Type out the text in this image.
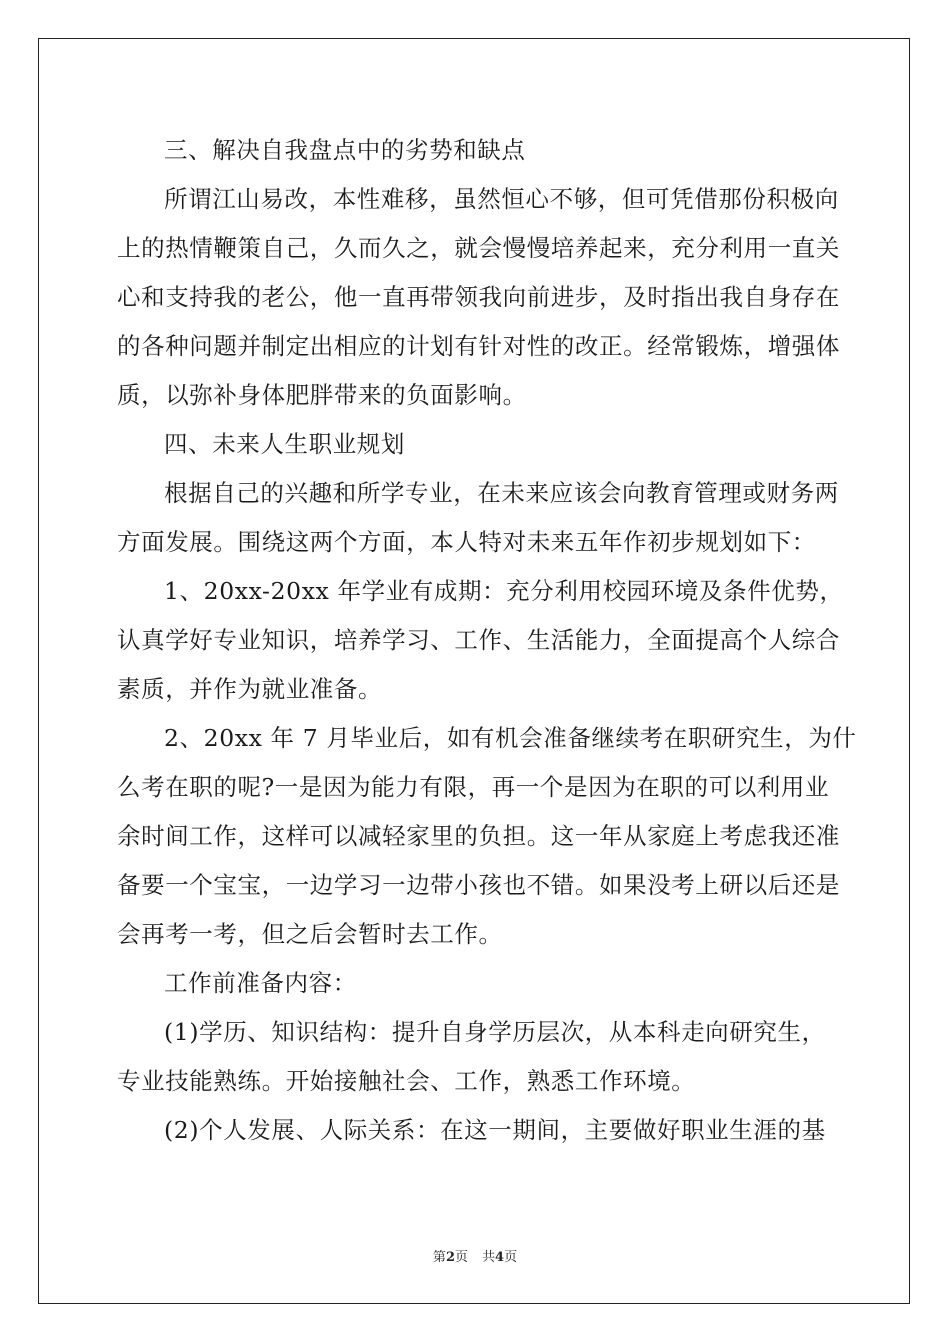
三、解决自我盘点中的劣势和缺点
所谓江山易改，本性难移，虽然恒心不够，但可凭借那份积极向
上的热情鞭策自己，久而久之，就会慢慢培养起来，充分利用一直关
心和支持我的老公，他一直再带领我向前进步，及时指出我自身存在
的各种问题并制定出相应的计划有针对性的改正。经常锻炼，增强体
质，以弥补身体肥胖带来的负面影响。
四、未来人生职业规划
根据自己的兴趣和所学专业，在未来应该会向教育管理或财务两
方面发展。围绕这两个方面，本人特对未来五年作初步规划如下：
1、20xx-20xx 年学业有成期：充分利用校园环境及条件优势，
认真学好专业知识，培养学习、工作、生活能力，全面提高个人综合
素质，并作为就业准备。
2、20xx 年 7 月毕业后，如有机会准备继续考在职研究生，为什
么考在职的呢?一是因为能力有限，再一个是因为在职的可以利用业
余时间工作，这样可以减轻家里的负担。这一年从家庭上考虑我还准
备要一个宝宝，一边学习一边带小孩也不错。如果没考上研以后还是
会再考一考，但之后会暂时去工作。
工作前准备内容：
(1)学历、知识结构：提升自身学历层次，从本科走向研究生，
专业技能熟练。开始接触社会、工作，熟悉工作环境。
(2)个人发展、人际关系：在这一期间，主要做好职业生涯的基
第2页 共4页
